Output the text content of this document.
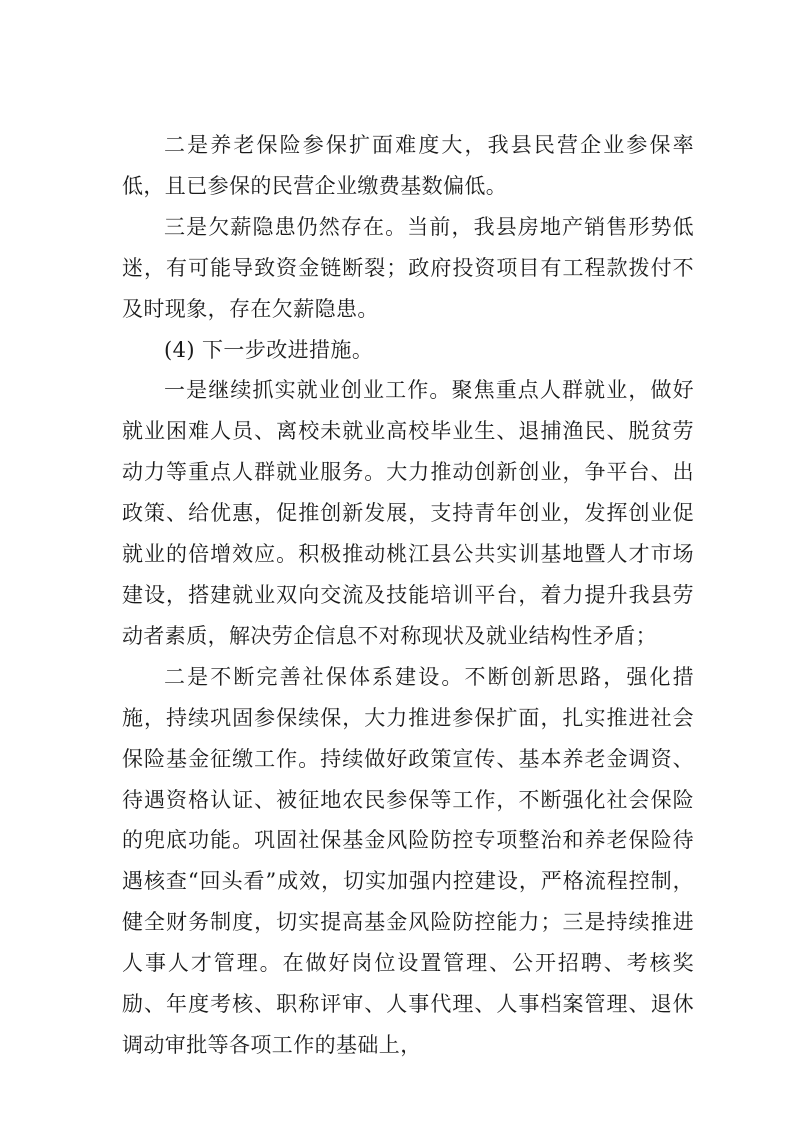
二是养老保险参保扩面难度大，我县民营企业参保率低，且已参保的民营企业缴费基数偏低。

三是欠薪隐患仍然存在。当前，我县房地产销售形势低迷，有可能导致资金链断裂；政府投资项目有工程款拨付不及时现象，存在欠薪隐患。

(4) 下一步改进措施。

一是继续抓实就业创业工作。聚焦重点人群就业，做好就业困难人员、离校未就业高校毕业生、退捕渔民、脱贫劳动力等重点人群就业服务。大力推动创新创业，争平台、出政策、给优惠，促推创新发展，支持青年创业，发挥创业促就业的倍增效应。积极推动桃江县公共实训基地暨人才市场建设，搭建就业双向交流及技能培训平台，着力提升我县劳动者素质，解决劳企信息不对称现状及就业结构性矛盾；

二是不断完善社保体系建设。不断创新思路，强化措施，持续巩固参保续保，大力推进参保扩面，扎实推进社会保险基金征缴工作。持续做好政策宣传、基本养老金调资、待遇资格认证、被征地农民参保等工作，不断强化社会保险的兜底功能。巩固社保基金风险防控专项整治和养老保险待遇核查“回头看”成效，切实加强内控建设，严格流程控制，健全财务制度，切实提高基金风险防控能力；三是持续推进人事人才管理。在做好岗位设置管理、公开招聘、考核奖励、年度考核、职称评审、人事代理、人事档案管理、退休调动审批等各项工作的基础上，
